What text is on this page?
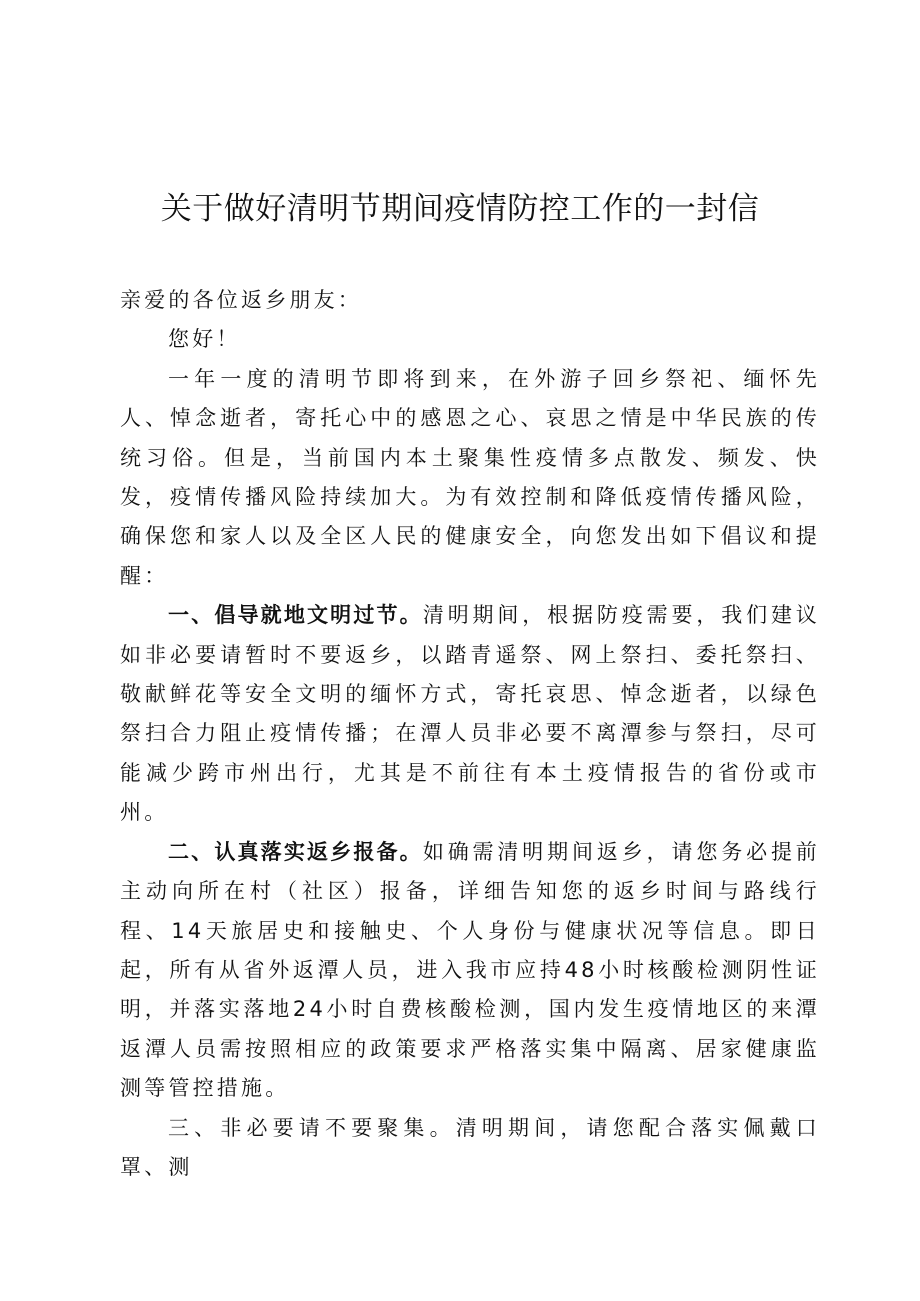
关于做好清明节期间疫情防控工作的一封信

亲爱的各位返乡朋友：

您好！

一年一度的清明节即将到来，在外游子回乡祭祀、缅怀先人、悼念逝者，寄托心中的感恩之心、哀思之情是中华民族的传统习俗。但是，当前国内本土聚集性疫情多点散发、频发、快发，疫情传播风险持续加大。为有效控制和降低疫情传播风险，确保您和家人以及全区人民的健康安全，向您发出如下倡议和提醒：

一、倡导就地文明过节。清明期间，根据防疫需要，我们建议如非必要请暂时不要返乡，以踏青遥祭、网上祭扫、委托祭扫、敬献鲜花等安全文明的缅怀方式，寄托哀思、悼念逝者，以绿色祭扫合力阻止疫情传播；在潭人员非必要不离潭参与祭扫，尽可能减少跨市州出行，尤其是不前往有本土疫情报告的省份或市州。

二、认真落实返乡报备。如确需清明期间返乡，请您务必提前主动向所在村（社区）报备，详细告知您的返乡时间与路线行程、14天旅居史和接触史、个人身份与健康状况等信息。即日起，所有从省外返潭人员，进入我市应持48小时核酸检测阴性证明，并落实落地24小时自费核酸检测，国内发生疫情地区的来潭返潭人员需按照相应的政策要求严格落实集中隔离、居家健康监测等管控措施。

三、非必要请不要聚集。清明期间，请您配合落实佩戴口罩、测
